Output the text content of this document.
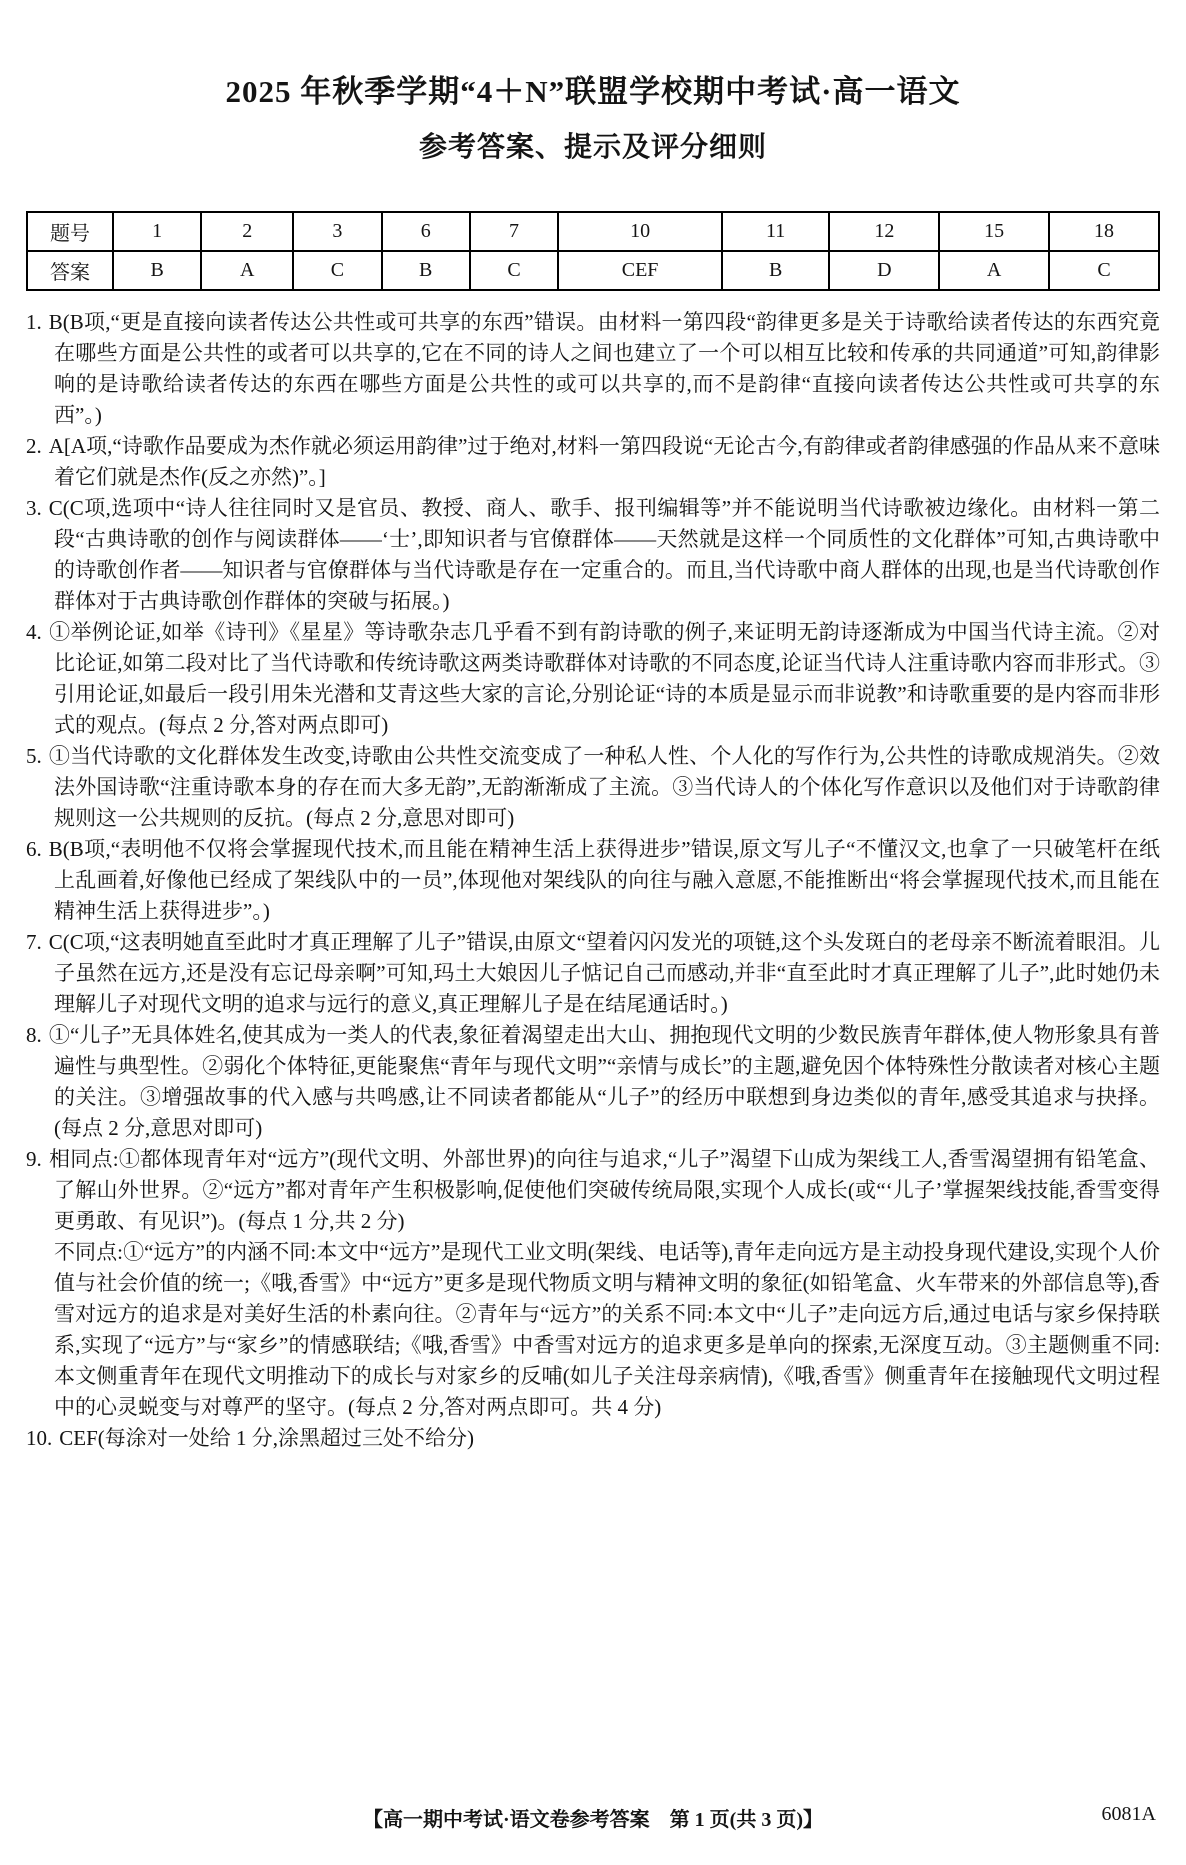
2025 年秋季学期“4＋N”联盟学校期中考试·高一语文
参考答案、提示及评分细则
题号	1	2	3	6	7	10	11	12	15	18
答案	B	A	C	B	C	CEF	B	D	A	C

1. B(B项,“更是直接向读者传达公共性或可共享的东西”错误。由材料一第四段“韵律更多是关于诗歌给读者传达的东西究竟在哪些方面是公共性的或者可以共享的,它在不同的诗人之间也建立了一个可以相互比较和传承的共同通道”可知,韵律影响的是诗歌给读者传达的东西在哪些方面是公共性的或可以共享的,而不是韵律“直接向读者传达公共性或可共享的东西”。)

2. A[A项,“诗歌作品要成为杰作就必须运用韵律”过于绝对,材料一第四段说“无论古今,有韵律或者韵律感强的作品从来不意味着它们就是杰作(反之亦然)”。]

3. C(C项,选项中“诗人往往同时又是官员、教授、商人、歌手、报刊编辑等”并不能说明当代诗歌被边缘化。由材料一第二段“古典诗歌的创作与阅读群体——‘士’,即知识者与官僚群体——天然就是这样一个同质性的文化群体”可知,古典诗歌中的诗歌创作者——知识者与官僚群体与当代诗歌是存在一定重合的。而且,当代诗歌中商人群体的出现,也是当代诗歌创作群体对于古典诗歌创作群体的突破与拓展。)

4. ①举例论证,如举《诗刊》《星星》等诗歌杂志几乎看不到有韵诗歌的例子,来证明无韵诗逐渐成为中国当代诗主流。②对比论证,如第二段对比了当代诗歌和传统诗歌这两类诗歌群体对诗歌的不同态度,论证当代诗人注重诗歌内容而非形式。③引用论证,如最后一段引用朱光潜和艾青这些大家的言论,分别论证“诗的本质是显示而非说教”和诗歌重要的是内容而非形式的观点。(每点 2 分,答对两点即可)

5. ①当代诗歌的文化群体发生改变,诗歌由公共性交流变成了一种私人性、个人化的写作行为,公共性的诗歌成规消失。②效法外国诗歌“注重诗歌本身的存在而大多无韵”,无韵渐渐成了主流。③当代诗人的个体化写作意识以及他们对于诗歌韵律规则这一公共规则的反抗。(每点 2 分,意思对即可)

6. B(B项,“表明他不仅将会掌握现代技术,而且能在精神生活上获得进步”错误,原文写儿子“不懂汉文,也拿了一只破笔杆在纸上乱画着,好像他已经成了架线队中的一员”,体现他对架线队的向往与融入意愿,不能推断出“将会掌握现代技术,而且能在精神生活上获得进步”。)

7. C(C项,“这表明她直至此时才真正理解了儿子”错误,由原文“望着闪闪发光的项链,这个头发斑白的老母亲不断流着眼泪。儿子虽然在远方,还是没有忘记母亲啊”可知,玛土大娘因儿子惦记自己而感动,并非“直至此时才真正理解了儿子”,此时她仍未理解儿子对现代文明的追求与远行的意义,真正理解儿子是在结尾通话时。)

8. ①“儿子”无具体姓名,使其成为一类人的代表,象征着渴望走出大山、拥抱现代文明的少数民族青年群体,使人物形象具有普遍性与典型性。②弱化个体特征,更能聚焦“青年与现代文明”“亲情与成长”的主题,避免因个体特殊性分散读者对核心主题的关注。③增强故事的代入感与共鸣感,让不同读者都能从“儿子”的经历中联想到身边类似的青年,感受其追求与抉择。(每点 2 分,意思对即可)

9. 相同点:①都体现青年对“远方”(现代文明、外部世界)的向往与追求,“儿子”渴望下山成为架线工人,香雪渴望拥有铅笔盒、了解山外世界。②“远方”都对青年产生积极影响,促使他们突破传统局限,实现个人成长(或“‘儿子’掌握架线技能,香雪变得更勇敢、有见识”)。(每点 1 分,共 2 分)

不同点:①“远方”的内涵不同:本文中“远方”是现代工业文明(架线、电话等),青年走向远方是主动投身现代建设,实现个人价值与社会价值的统一;《哦,香雪》中“远方”更多是现代物质文明与精神文明的象征(如铅笔盒、火车带来的外部信息等),香雪对远方的追求是对美好生活的朴素向往。②青年与“远方”的关系不同:本文中“儿子”走向远方后,通过电话与家乡保持联系,实现了“远方”与“家乡”的情感联结;《哦,香雪》中香雪对远方的追求更多是单向的探索,无深度互动。③主题侧重不同:本文侧重青年在现代文明推动下的成长与对家乡的反哺(如儿子关注母亲病情),《哦,香雪》侧重青年在接触现代文明过程中的心灵蜕变与对尊严的坚守。(每点 2 分,答对两点即可。共 4 分)

10. CEF(每涂对一处给 1 分,涂黑超过三处不给分)

【高一期中考试·语文卷参考答案　第 1 页(共 3 页)】	6081A
